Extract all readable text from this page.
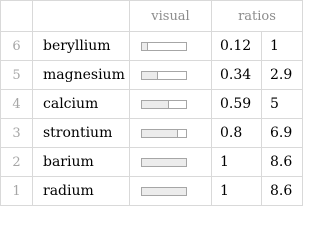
		visual	ratios	
6	beryllium		0.12	1
5	magnesium		0.34	2.9
4	calcium		0.59	5
3	strontium		0.8	6.9
2	barium		1	8.6
1	radium		1	8.6
